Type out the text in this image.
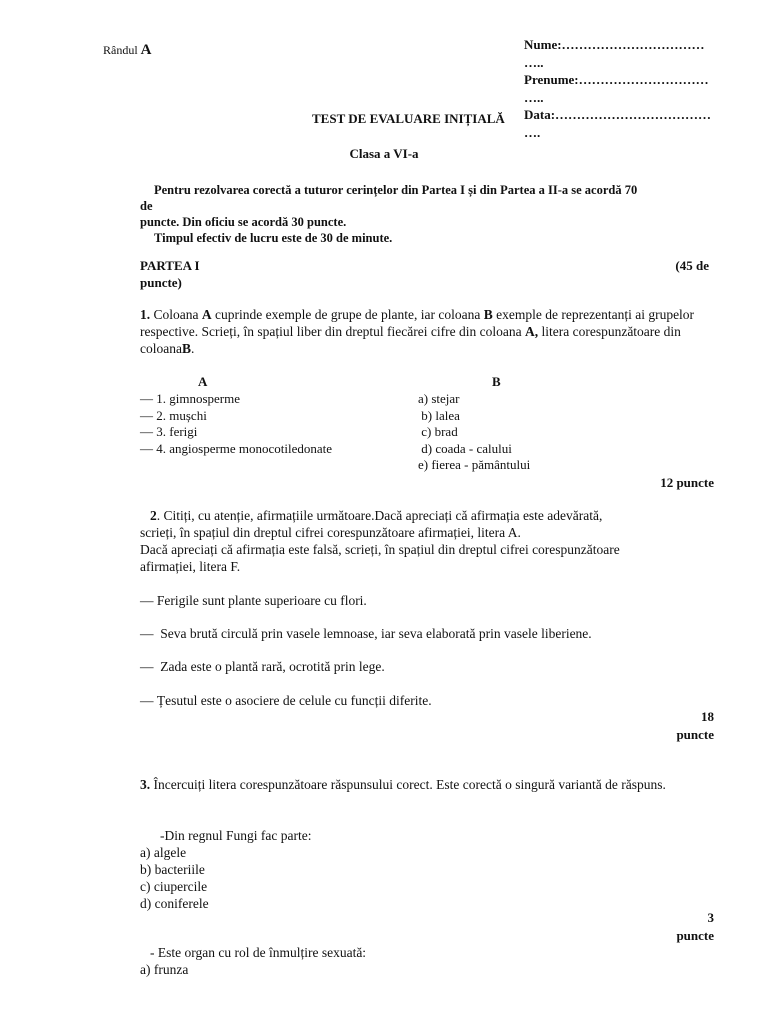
Rândul A	Nume:……………………………
…..
Prenume:…………………………
…..
Data:………………………………
….
TEST DE EVALUARE INIȚIALĂ
Clasa a VI-a
Pentru rezolvarea corectă a tuturor cerințelor din Partea I și din Partea a II-a se acordă 70
de
puncte. Din oficiu se acordă 30 puncte.
Timpul efectiv de lucru este de 30 de minute.
PARTEA I
puncte)
(45 de

1. Coloana A cuprinde exemple de grupe de plante, iar coloana B exemple de reprezentanți ai grupelor respective. Scrieți, în spațiul liber din dreptul fiecărei cifre din coloana A, litera corespunzătoare din coloanaB.

A	B
— 1. gimnosperme
— 2. mușchi
— 3. ferigi
— 4. angiosperme monocotiledonate
a) stejar
b) lalea
c) brad
d) coada - calului
e) fierea - pământului
12 puncte
2. Citiți, cu atenție, afirmațiile următoare.Dacă apreciați că afirmația este adevărată,
scrieți, în spațiul din dreptul cifrei corespunzătoare afirmației, litera A.
Dacă apreciați că afirmația este falsă, scrieți, în spațiul din dreptul cifrei corespunzătoare
afirmației, litera F.
— Ferigile sunt plante superioare cu flori.
—  Seva brută circulă prin vasele lemnoase, iar seva elaborată prin vasele liberiene.
—  Zada este o plantă rară, ocrotită prin lege.
— Țesutul este o asociere de celule cu funcții diferite.
18
puncte

3. Încercuiți litera corespunzătoare răspunsului corect. Este corectă o singură variantă de răspuns.

-Din regnul Fungi fac parte:
a) algele
b) bacteriile
c) ciupercile
d) coniferele
3
puncte
- Este organ cu rol de înmulțire sexuată:
a) frunza
